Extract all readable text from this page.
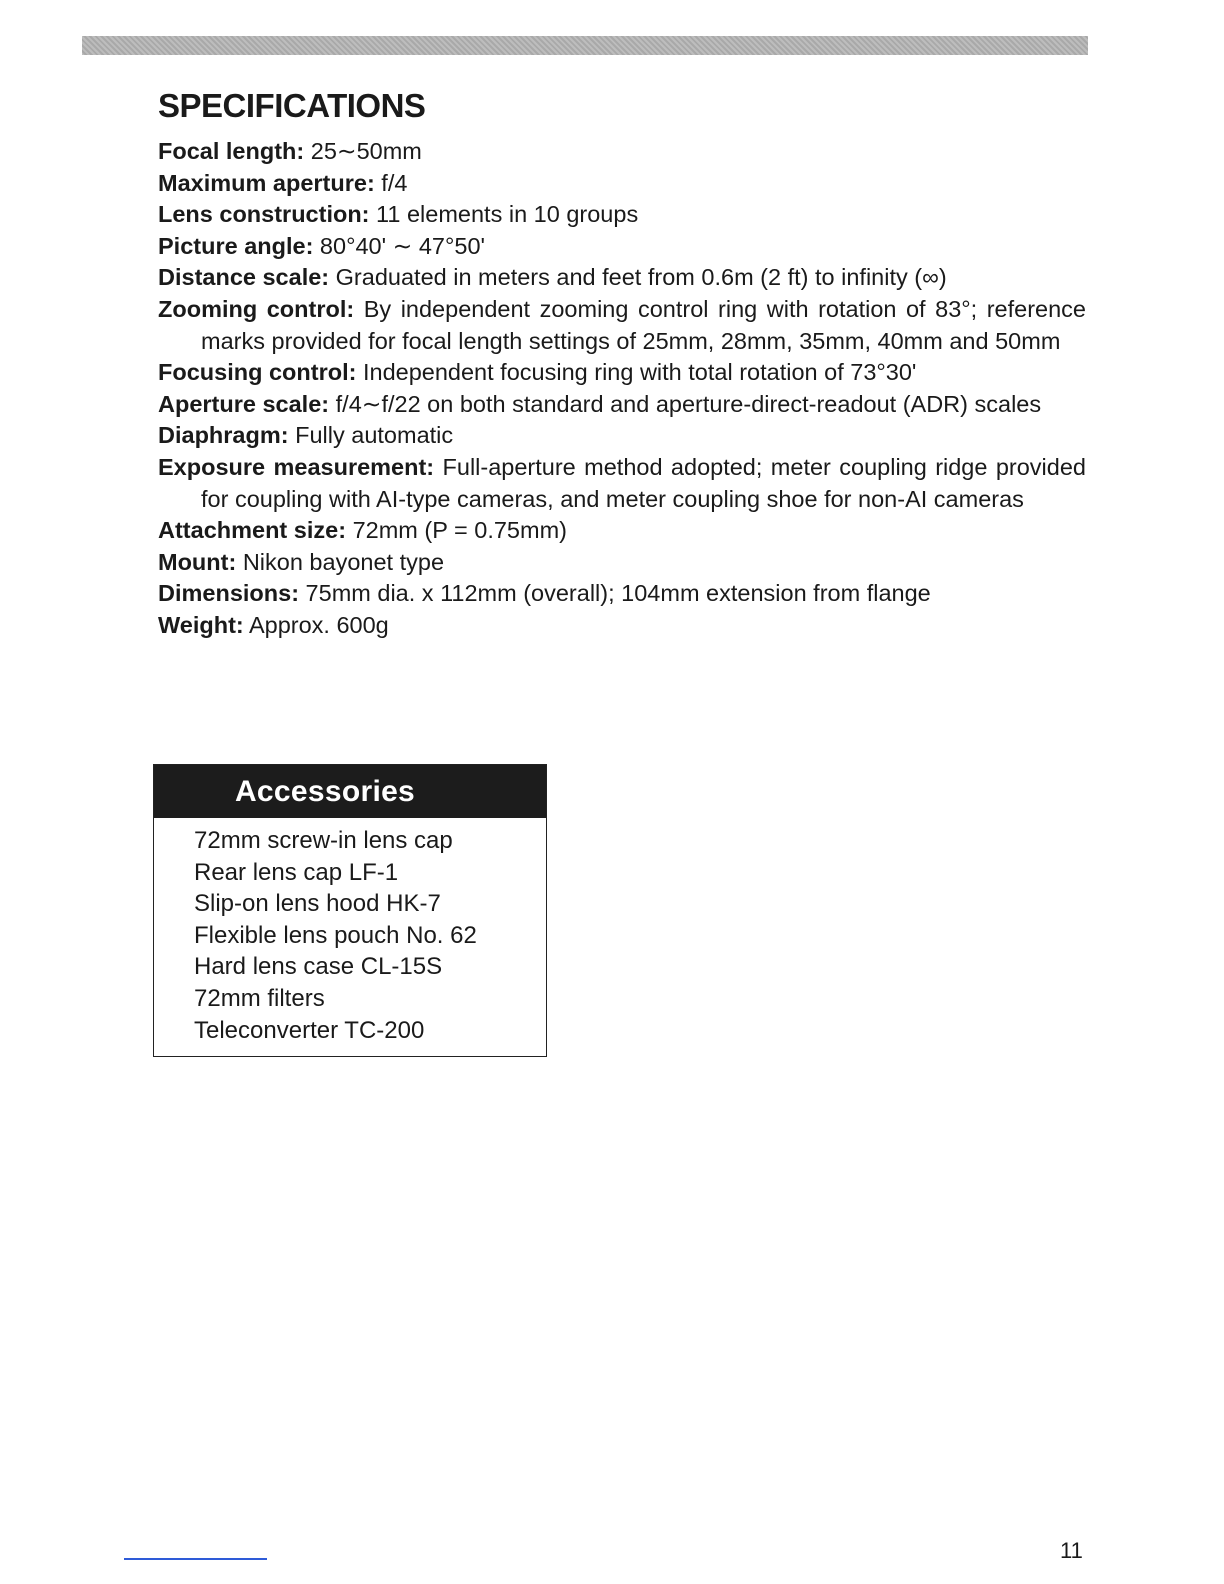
SPECIFICATIONS
Focal length: 25∼50mm
Maximum aperture: f/4
Lens construction: 11 elements in 10 groups
Picture angle: 80°40' ∼ 47°50'
Distance scale: Graduated in meters and feet from 0.6m (2 ft) to infinity (∞)
Zooming control: By independent zooming control ring with rotation of 83°; reference marks provided for focal length settings of 25mm, 28mm, 35mm, 40mm and 50mm
Focusing control: Independent focusing ring with total rotation of 73°30'
Aperture scale: f/4∼f/22 on both standard and aperture-direct-readout (ADR) scales
Diaphragm: Fully automatic
Exposure measurement: Full-aperture method adopted; meter coupling ridge provided for coupling with AI-type cameras, and meter coupling shoe for non-AI cameras
Attachment size: 72mm (P = 0.75mm)
Mount: Nikon bayonet type
Dimensions: 75mm dia. x 112mm (overall); 104mm extension from flange
Weight: Approx. 600g
Accessories
72mm screw-in lens cap
Rear lens cap LF-1
Slip-on lens hood HK-7
Flexible lens pouch No. 62
Hard lens case CL-15S
72mm filters
Teleconverter TC-200
11
